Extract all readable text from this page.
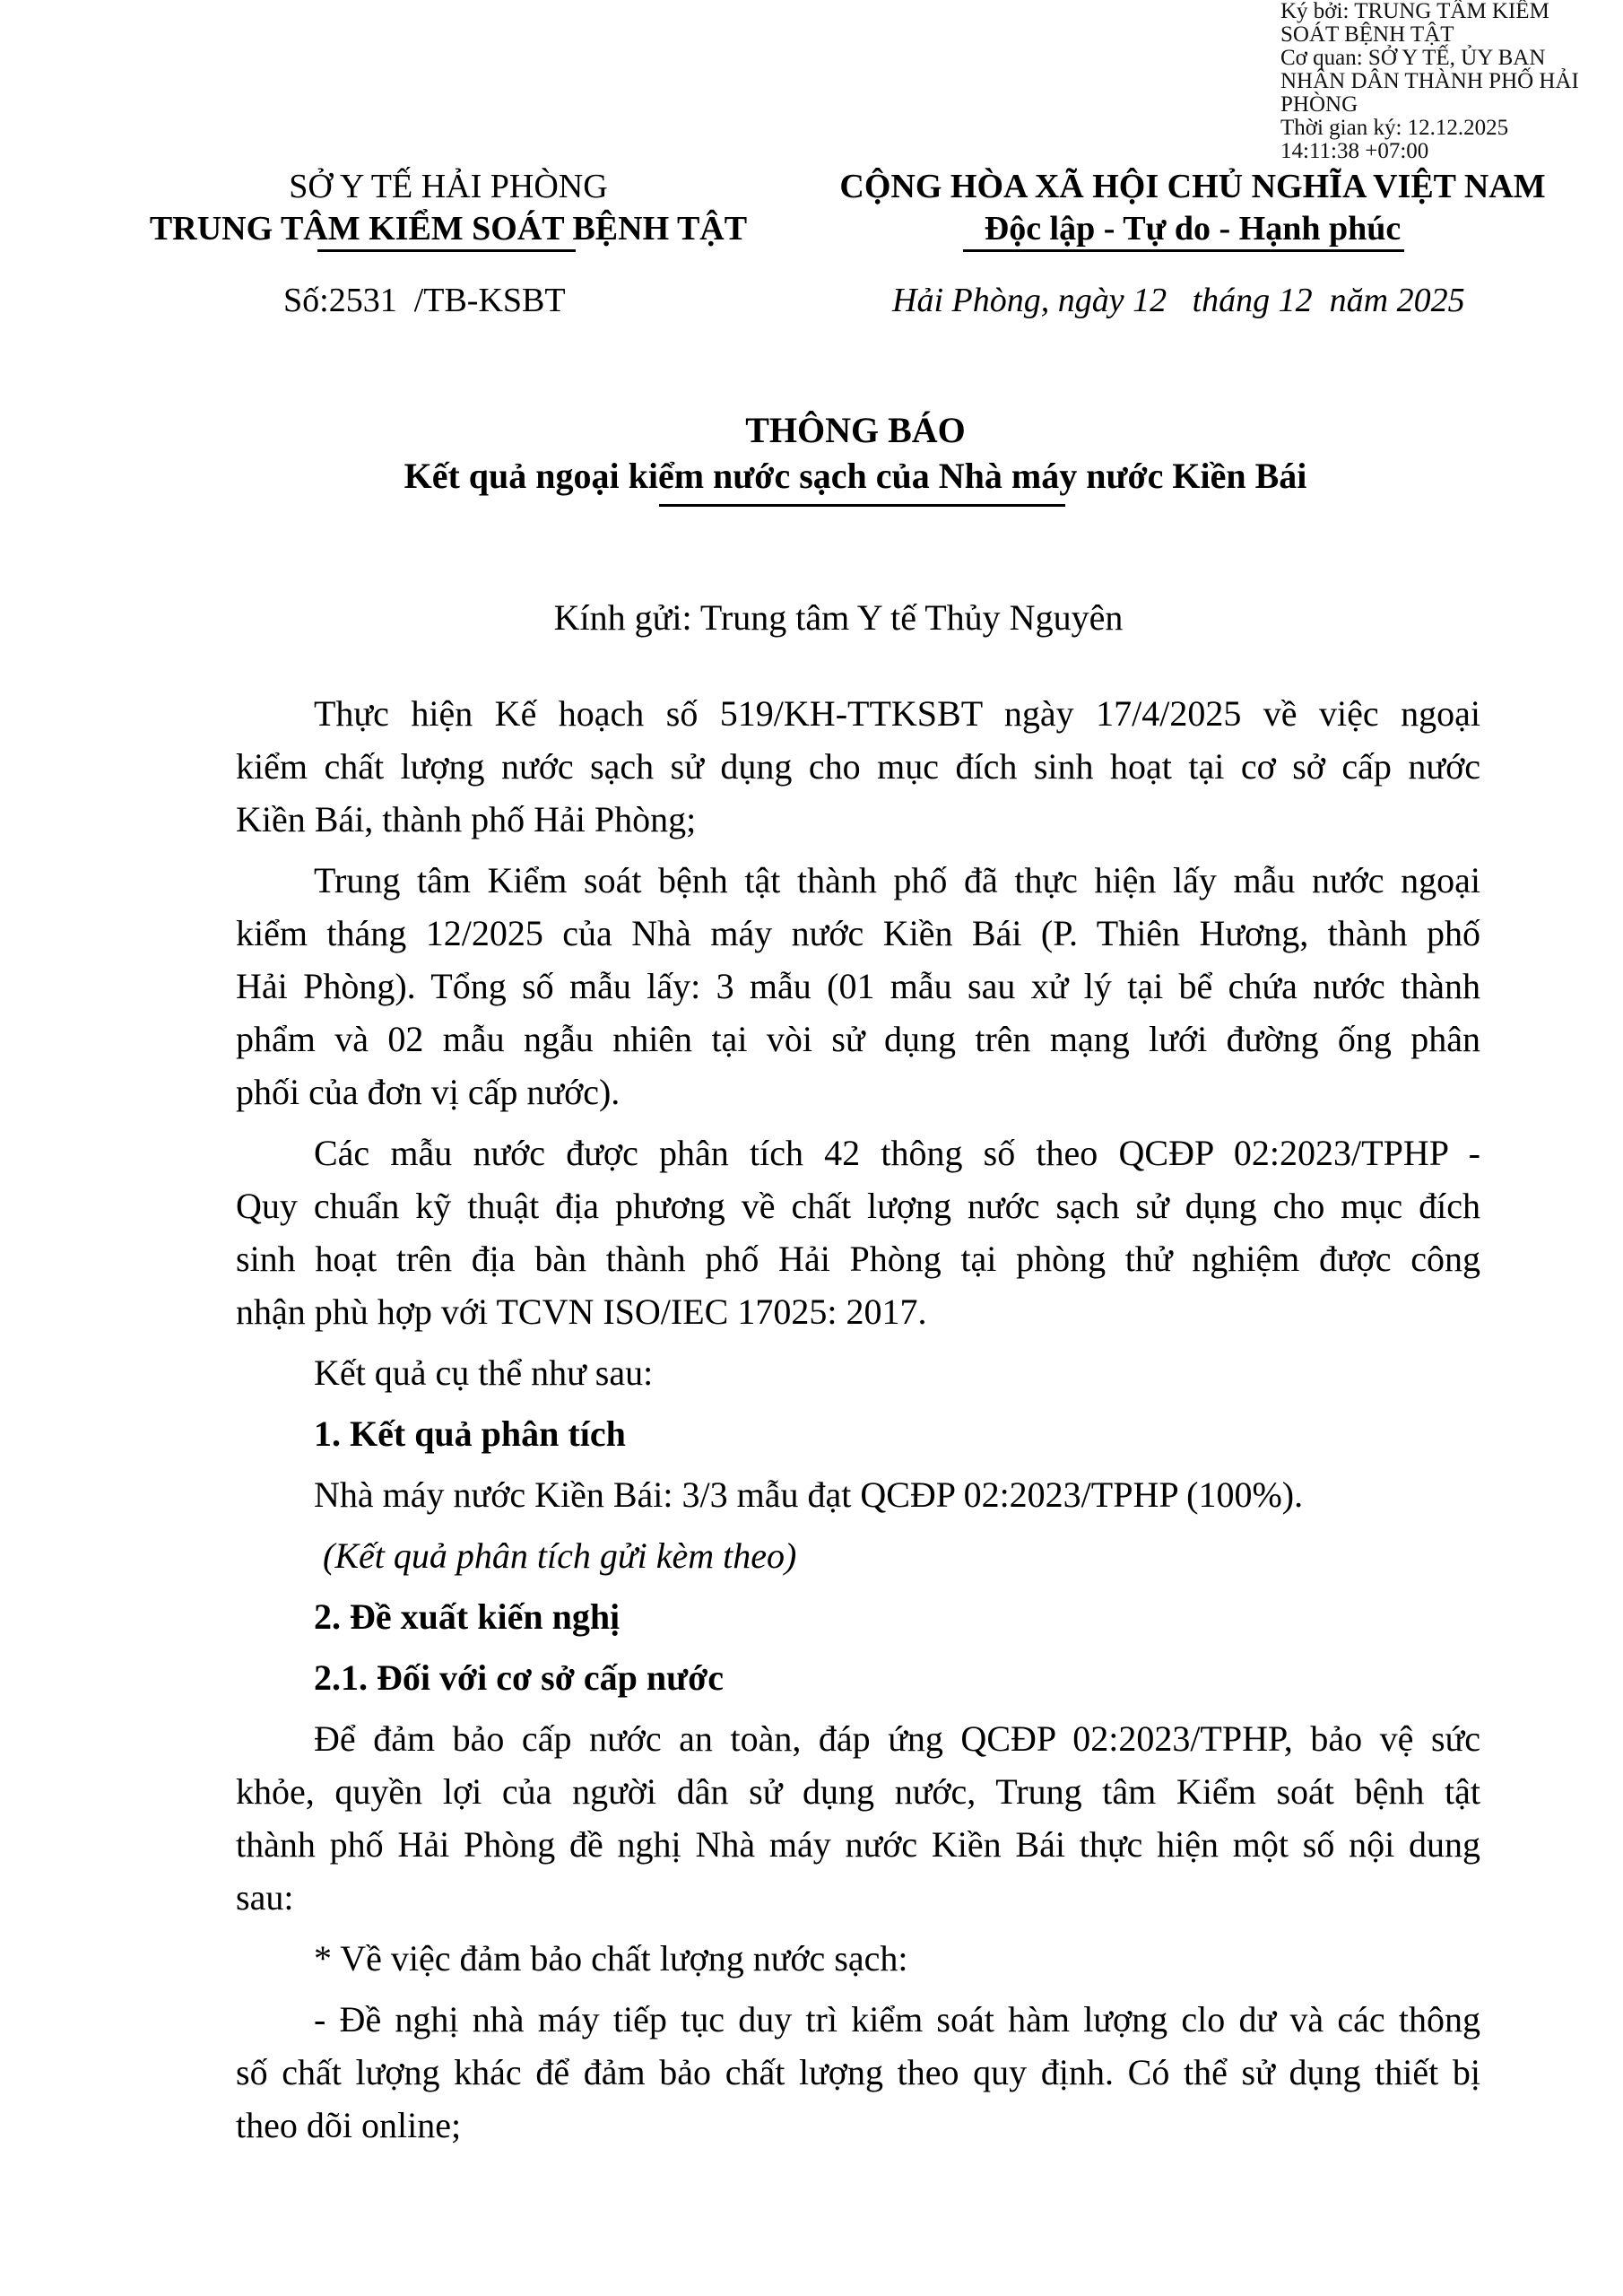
Ký bởi: TRUNG TÂM KIỂM
SOÁT BỆNH TẬT
Cơ quan: SỞ Y TẾ, ỦY BAN
NHÂN DÂN THÀNH PHỐ HẢI
PHÒNG
Thời gian ký: 12.12.2025
14:11:38 +07:00
SỞ Y TẾ HẢI PHÒNG
TRUNG TÂM KIỂM SOÁT BỆNH TẬT
CỘNG HÒA XÃ HỘI CHỦ NGHĨA VIỆT NAM
Độc lập - Tự do - Hạnh phúc
Số:2531  /TB-KSBT	Hải Phòng, ngày 12   tháng 12  năm 2025
THÔNG BÁO
Kết quả ngoại kiểm nước sạch của Nhà máy nước Kiền Bái
Kính gửi: Trung tâm Y tế Thủy Nguyên
Thực hiện Kế hoạch số 519/KH-TTKSBT ngày 17/4/2025 về việc ngoại
kiểm chất lượng nước sạch sử dụng cho mục đích sinh hoạt tại cơ sở cấp nước
Kiền Bái, thành phố Hải Phòng;
Trung tâm Kiểm soát bệnh tật thành phố đã thực hiện lấy mẫu nước ngoại
kiểm tháng 12/2025 của Nhà máy nước Kiền Bái (P. Thiên Hương, thành phố
Hải Phòng). Tổng số mẫu lấy: 3 mẫu (01 mẫu sau xử lý tại bể chứa nước thành
phẩm và 02 mẫu ngẫu nhiên tại vòi sử dụng trên mạng lưới đường ống phân
phối của đơn vị cấp nước).
Các mẫu nước được phân tích 42 thông số theo QCĐP 02:2023/TPHP -
Quy chuẩn kỹ thuật địa phương về chất lượng nước sạch sử dụng cho mục đích
sinh hoạt trên địa bàn thành phố Hải Phòng tại phòng thử nghiệm được công
nhận phù hợp với TCVN ISO/IEC 17025: 2017.
Kết quả cụ thể như sau:
1. Kết quả phân tích
Nhà máy nước Kiền Bái: 3/3 mẫu đạt QCĐP 02:2023/TPHP (100%).
(Kết quả phân tích gửi kèm theo)
2. Đề xuất kiến nghị
2.1. Đối với cơ sở cấp nước
Để đảm bảo cấp nước an toàn, đáp ứng QCĐP 02:2023/TPHP, bảo vệ sức
khỏe, quyền lợi của người dân sử dụng nước, Trung tâm Kiểm soát bệnh tật
thành phố Hải Phòng đề nghị Nhà máy nước Kiền Bái thực hiện một số nội dung
sau:
* Về việc đảm bảo chất lượng nước sạch:
- Đề nghị nhà máy tiếp tục duy trì kiểm soát hàm lượng clo dư và các thông
số chất lượng khác để đảm bảo chất lượng theo quy định. Có thể sử dụng thiết bị
theo dõi online;
